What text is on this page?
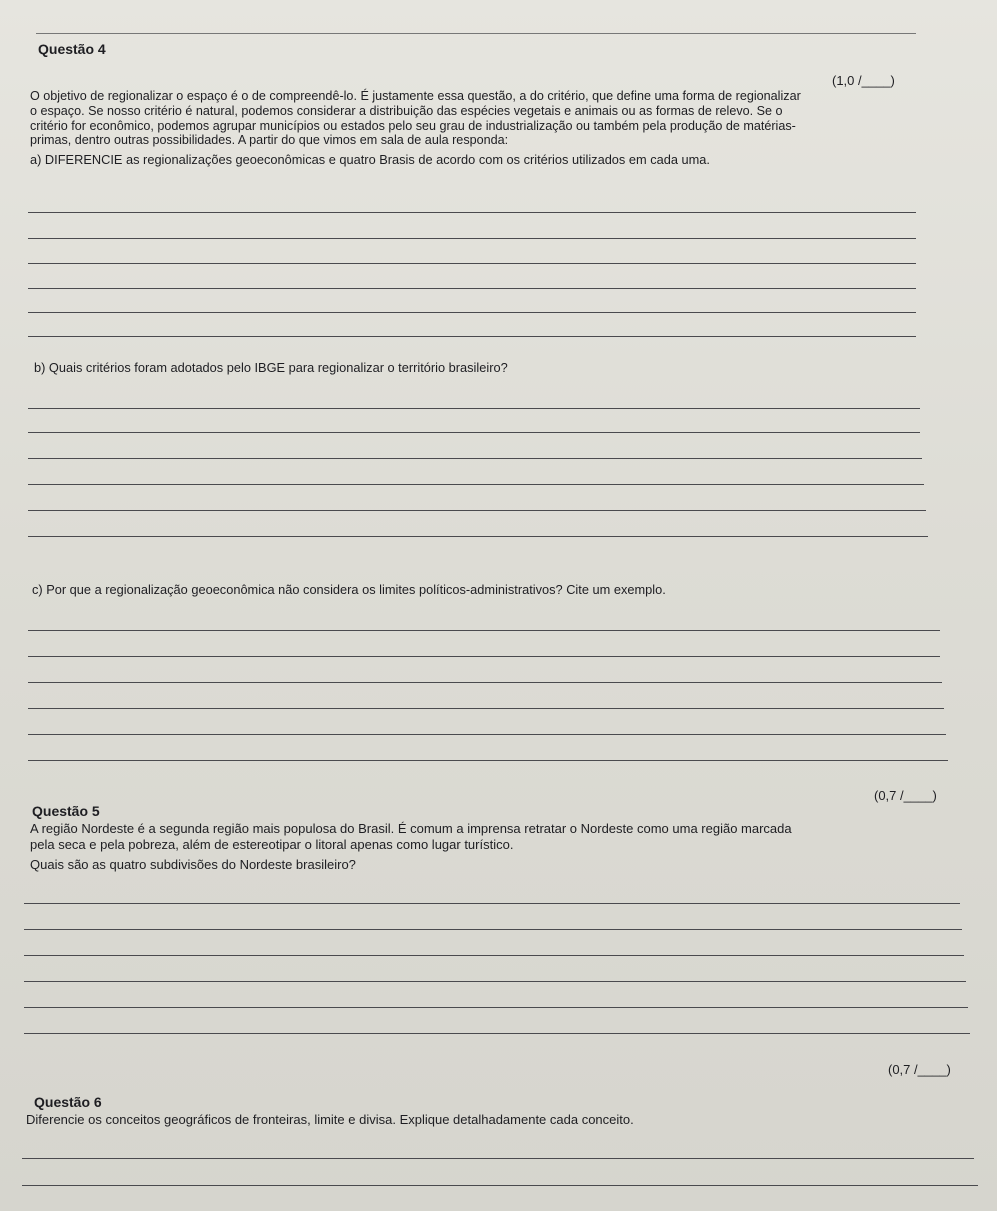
Questão 4
(1,0 /____)

O objetivo de regionalizar o espaço é o de compreendê-lo. É justamente essa questão, a do critério, que define uma forma de regionalizar

o espaço. Se nosso critério é natural, podemos considerar a distribuição das espécies vegetais e animais ou as formas de relevo. Se o

critério for econômico, podemos agrupar municípios ou estados pelo seu grau de industrialização ou também pela produção de matérias-

primas, dentro outras possibilidades. A partir do que vimos em sala de aula responda:

a) DIFERENCIE as regionalizações geoeconômicas e quatro Brasis de acordo com os critérios utilizados em cada uma.
b) Quais critérios foram adotados pelo IBGE para regionalizar o território brasileiro?
c) Por que a regionalização geoeconômica não considera os limites políticos-administrativos? Cite um exemplo.
(0,7 /____)
Questão 5

A região Nordeste é a segunda região mais populosa do Brasil. É comum a imprensa retratar o Nordeste como uma região marcada

pela seca e pela pobreza, além de estereotipar o litoral apenas como lugar turístico.

Quais são as quatro subdivisões do Nordeste brasileiro?
(0,7 /____)
Questão 6
Diferencie os conceitos geográficos de fronteiras, limite e divisa. Explique detalhadamente cada conceito.
